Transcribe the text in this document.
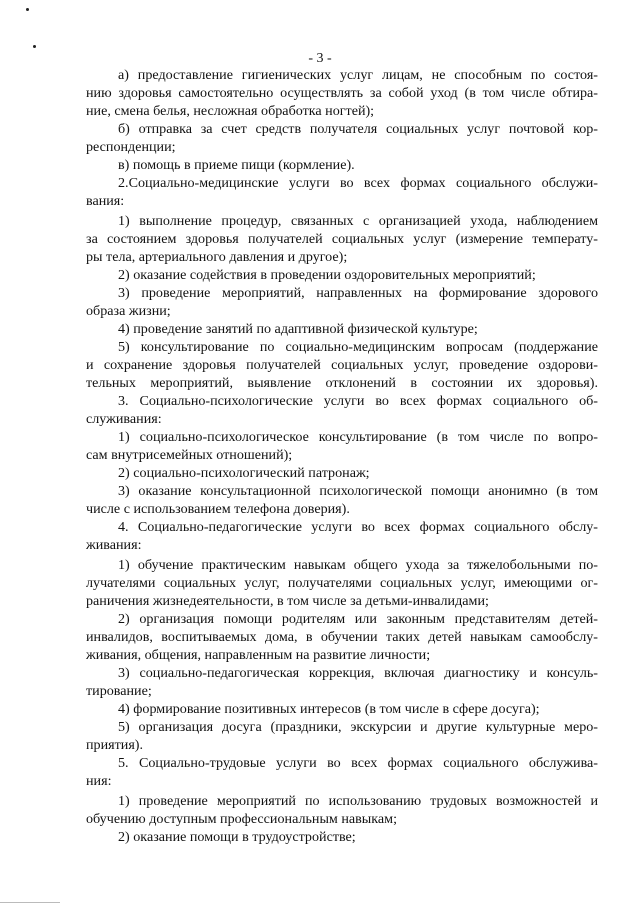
- 3 -
а) предоставление гигиенических услуг лицам, не способным по состоя-
нию здоровья самостоятельно осуществлять за собой уход (в том числе обтира-
ние, смена белья, несложная обработка ногтей);
б) отправка за счет средств получателя социальных услуг почтовой кор-
респонденции;
в) помощь в приеме пищи (кормление).
2.Социально-медицинские услуги во всех формах социального обслужи-
вания:
1) выполнение процедур, связанных с организацией ухода, наблюдением
за состоянием здоровья получателей социальных услуг (измерение температу-
ры тела, артериального давления и другое);
2) оказание содействия в проведении оздоровительных мероприятий;
3) проведение мероприятий, направленных на формирование здорового
образа жизни;
4) проведение занятий по адаптивной физической культуре;
5) консультирование по социально-медицинским вопросам (поддержание
и сохранение здоровья получателей социальных услуг, проведение оздорови-
тельных мероприятий, выявление отклонений в состоянии их здоровья).
3. Социально-психологические услуги во всех формах социального об-
служивания:
1) социально-психологическое консультирование (в том числе по вопро-
сам внутрисемейных отношений);
2) социально-психологический патронаж;
3) оказание консультационной психологической помощи анонимно (в том
числе с использованием телефона доверия).
4. Социально-педагогические услуги во всех формах социального обслу-
живания:
1) обучение практическим навыкам общего ухода за тяжелобольными по-
лучателями социальных услуг, получателями социальных услуг, имеющими ог-
раничения жизнедеятельности, в том числе за детьми-инвалидами;
2) организация помощи родителям или законным представителям детей-
инвалидов, воспитываемых дома, в обучении таких детей навыкам самообслу-
живания, общения, направленным на развитие личности;
3) социально-педагогическая коррекция, включая диагностику и консуль-
тирование;
4) формирование позитивных интересов (в том числе в сфере досуга);
5) организация досуга (праздники, экскурсии и другие культурные меро-
приятия).
5. Социально-трудовые услуги во всех формах социального обслужива-
ния:
1) проведение мероприятий по использованию трудовых возможностей и
обучению доступным профессиональным навыкам;
2) оказание помощи в трудоустройстве;
